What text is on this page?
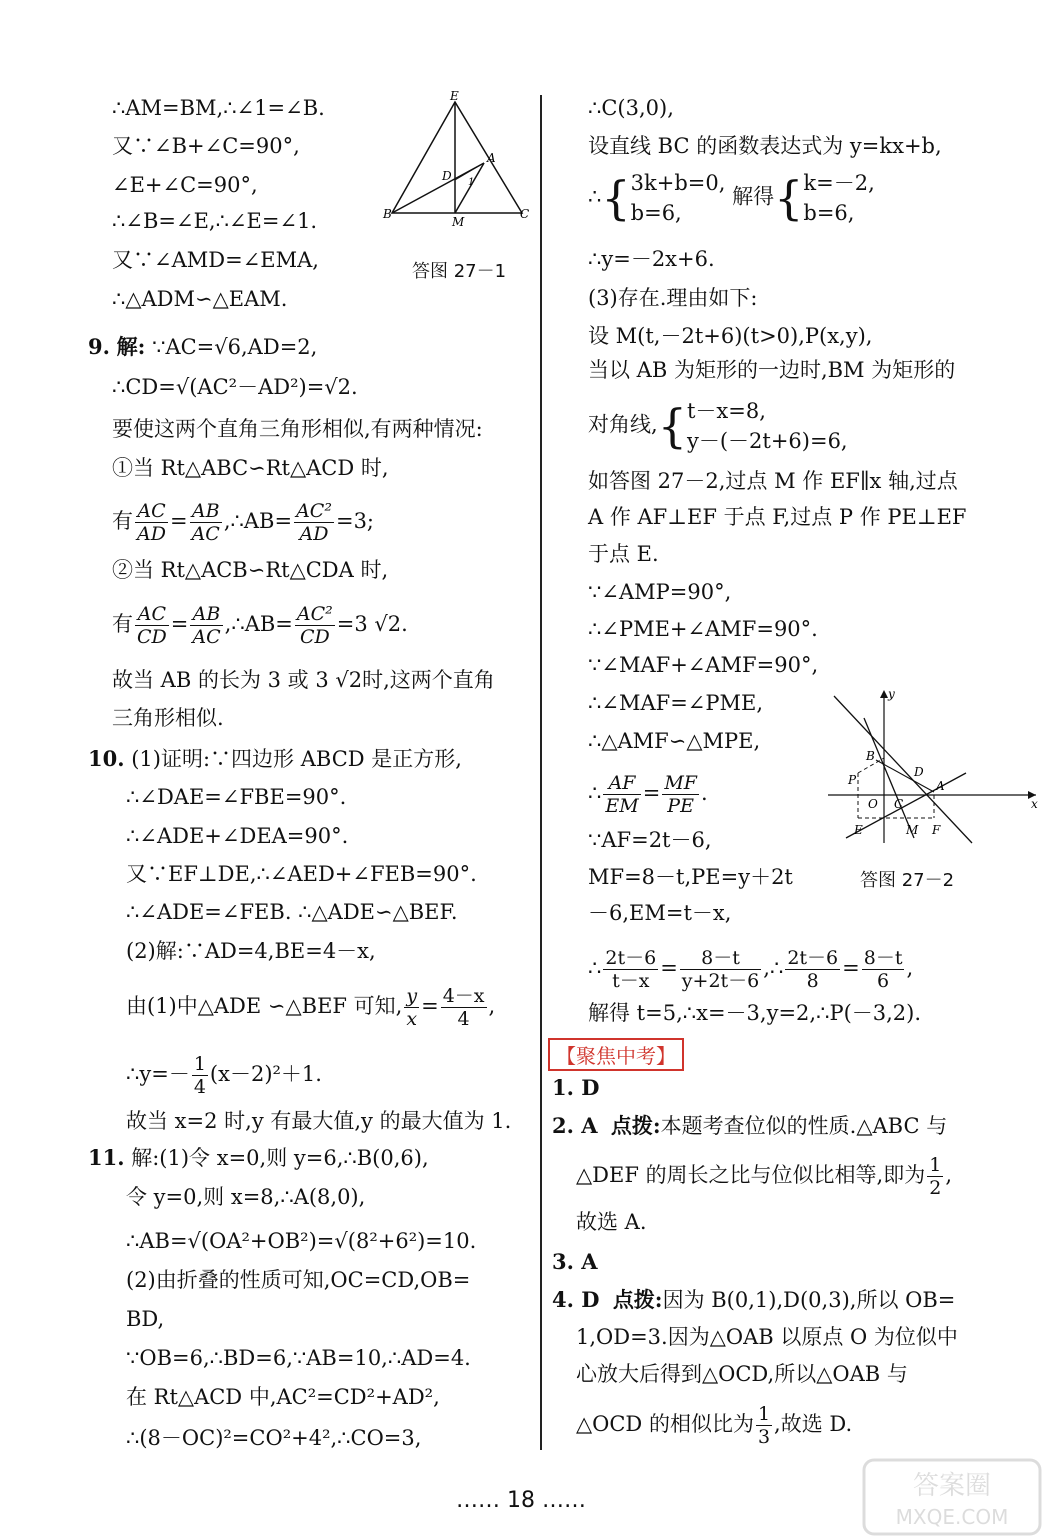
∴AM=BM,∴∠1=∠B.
又∵∠B+∠C=90°,
∠E+∠C=90°,
∴∠B=∠E,∴∠E=∠1.
又∵∠AMD=∠EMA,
∴△ADM∽△EAM.
E
A
D
B
M
C
1
答图 27－1
9. 解: ∵AC=√6,AD=2,
∴CD=√(AC²－AD²)=√2.
要使这两个直角三角形相似,有两种情况:
①当 Rt△ABC∽Rt△ACD 时,
有 $\frac{AC}{AD} = \frac{AB}{AC}$ ,∴AB= $\frac{\text{AC²}}{AD} =3$;
②当 Rt△ACB∽Rt△CDA 时,
有 $\frac{AC}{CD} = \frac{AB}{AC}$ ,∴AB= $\frac{\text{AC²}}{CD} =3$ √2.
故当 AB 的长为 3 或 3 √2时,这两个直角
三角形相似.
10. (1)证明:∵四边形 ABCD 是正方形,
∴∠DAE=∠FBE=90°.
∴∠ADE+∠DEA=90°.
又∵EF⊥DE,∴∠AED+∠FEB=90°.
∴∠ADE=∠FEB. ∴△ADE∽△BEF.
(2)解:∵AD=4,BE=4－x,
由(1)中△ADE ∽△BEF 可知, $\frac{y}{x} = \frac{4-x}{4}$ ,
∴y=－ $\frac{1}{4} (x-2)^2+1$.
故当 x=2 时,y 有最大值,y 的最大值为 1.
11. 解:(1)令 x=0,则 y=6,∴B(0,6),
令 y=0,则 x=8,∴A(8,0),
∴AB=√(OA²+OB²)=√(8²+6²)=10.
(2)由折叠的性质可知,OC=CD,OB=
BD,
∵OB=6,∴BD=6,∵AB=10,∴AD=4.
在 Rt△ACD 中,AC²=CD²+AD²,
∴(8－OC)²=CO²+4²,∴CO=3,
∴C(3,0),
设直线 BC 的函数表达式为 y=kx+b,
∴{ 3k+b=0,
b=6,
解得{ k=－2,
b=6,
∴y=－2x+6.
(3)存在.理由如下:
设 M(t,－2t+6)(t>0),P(x,y),
当以 AB 为矩形的一边时,BM 为矩形的
对角线,{ t－x=8,
y－(－2t+6)=6,
如答图 27－2,过点 M 作 EF∥x 轴,过点
A 作 AF⊥EF 于点 F,过点 P 作 PE⊥EF
于点 E.
∵∠AMP=90°,
∴∠PME+∠AMF=90°.
∵∠MAF+∠AMF=90°,
∴∠MAF=∠PME,
∴△AMF∽△MPE,
∴ $\frac{AF}{EM} = \frac{MF}{PE}$ .
∵AF=2t－6,
MF=8－t,PE=y＋2t
－6,EM=t－x,
y
x
B
P
D
A
O C
E	M F
答图 27－2
∴ $\frac{2t-6}{t-x} = \frac{8-t}{y+2t-6}$ ,∴ $\frac{2t-6}{8} = \frac{8-t}{6}$ ,
解得 t=5,∴x=－3,y=2,∴P(－3,2).
【聚焦中考】
1. D
2. A 点拨:本题考查位似的性质.△ABC 与
△DEF 的周长之比与位似比相等,即为 $\frac{1}{2}$ ,
故选 A.
3. A
4. D 点拨:因为 B(0,1),D(0,3),所以 OB=
1,OD=3.因为△OAB 以原点 O 为位似中
心放大后得到△OCD,所以△OAB 与
△OCD 的相似比为 $\frac{1}{3}$ ,故选 D.
…… 18 ……	答案圈
MXQE.COM
